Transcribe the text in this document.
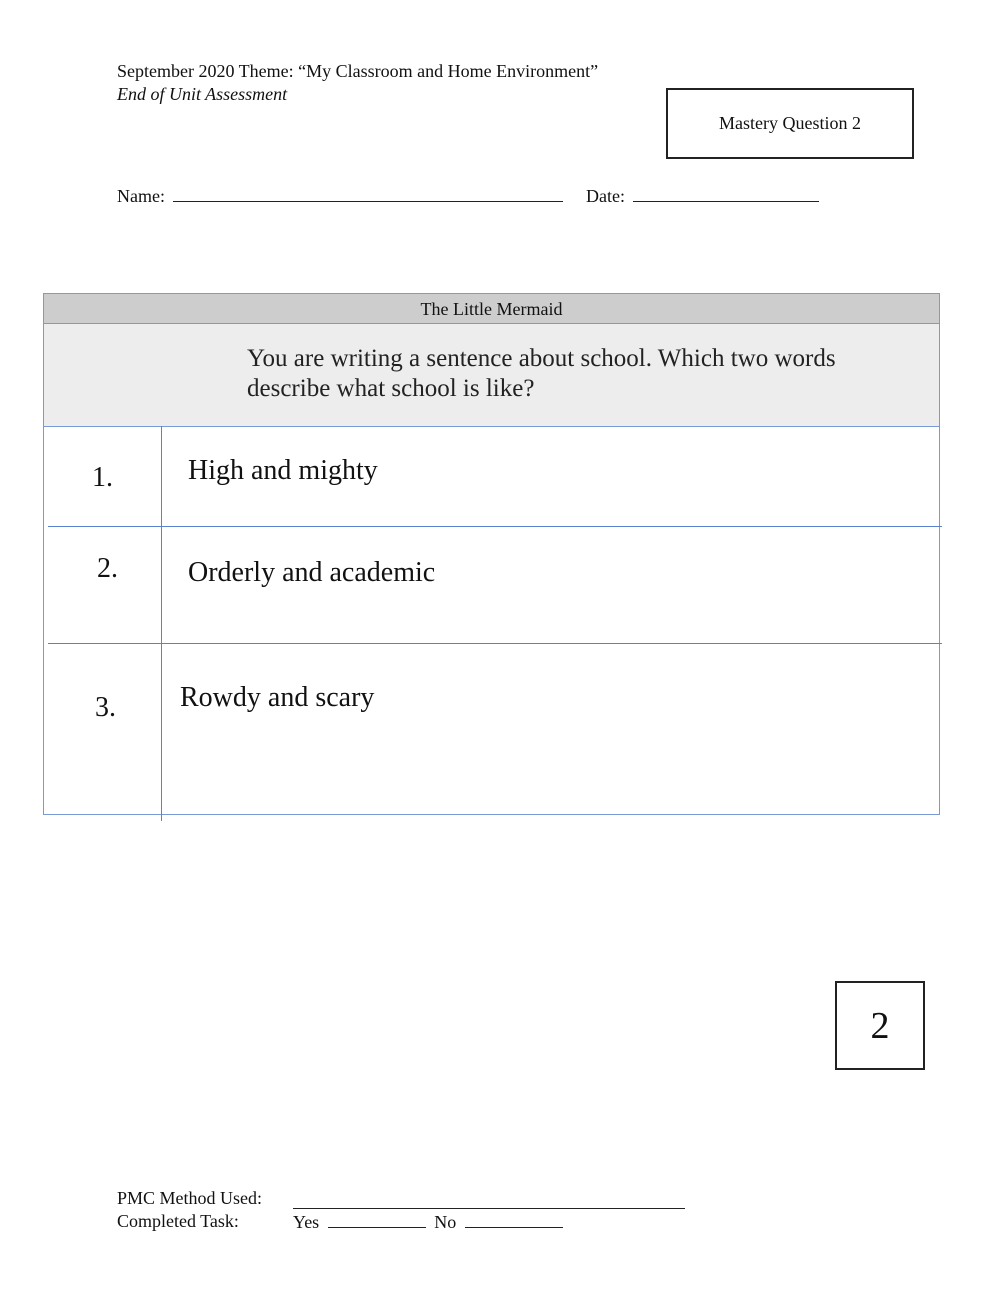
September 2020 Theme: “My Classroom and Home Environment”
End of Unit Assessment
Mastery Question 2
Name:	Date:
The Little Mermaid
You are writing a sentence about school. Which two words describe what school is like?
1.	High and mighty
2.	Orderly and academic
3. Rowdy and scary
2
PMC Method Used:
Completed Task:	Yes	No
